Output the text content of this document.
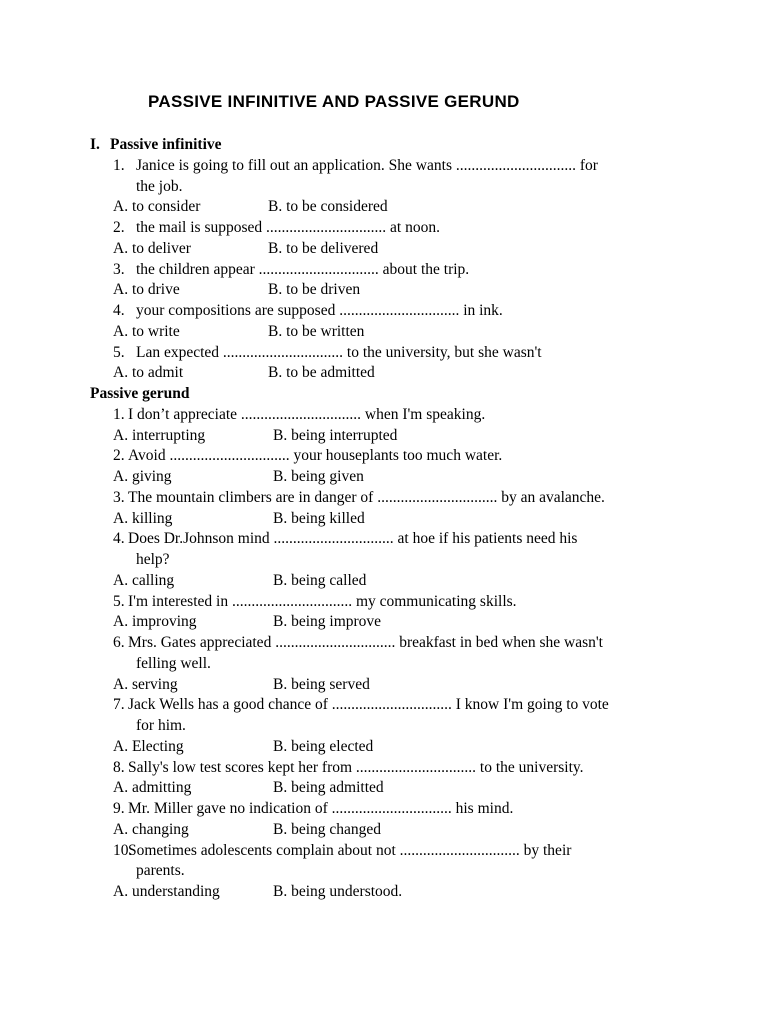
PASSIVE INFINITIVE AND PASSIVE GERUND
I. Passive infinitive
1. Janice is going to fill out an application. She wants ............................... for
the job.
A. to consider	B. to be considered
2. the mail is supposed ............................... at noon.
A. to deliver	B. to be delivered
3. the children appear ............................... about the trip.
A. to drive	B. to be driven
4. your compositions are supposed ............................... in ink.
A. to write	B. to be written
5. Lan expected ............................... to the university, but she wasn't
A. to admit	B. to be admitted
Passive gerund
1. I don’t appreciate ............................... when I'm speaking.
A. interrupting	B. being interrupted
2. Avoid ............................... your houseplants too much water.
A. giving	B. being given
3. The mountain climbers are in danger of ............................... by an avalanche.
A. killing	B. being killed
4. Does Dr.Johnson mind ............................... at hoe if his patients need his
help?
A. calling	B. being called
5. I'm interested in ............................... my communicating skills.
A. improving	B. being improve
6. Mrs. Gates appreciated ............................... breakfast in bed when she wasn't
felling well.
A. serving	B. being served
7. Jack Wells has a good chance of ............................... I know I'm going to vote
for him.
A. Electing	B. being elected
8. Sally's low test scores kept her from ............................... to the university.
A. admitting	B. being admitted
9. Mr. Miller gave no indication of ............................... his mind.
A. changing	B. being changed
10.Sometimes adolescents complain about not ............................... by their
parents.
A. understanding	B. being understood.
